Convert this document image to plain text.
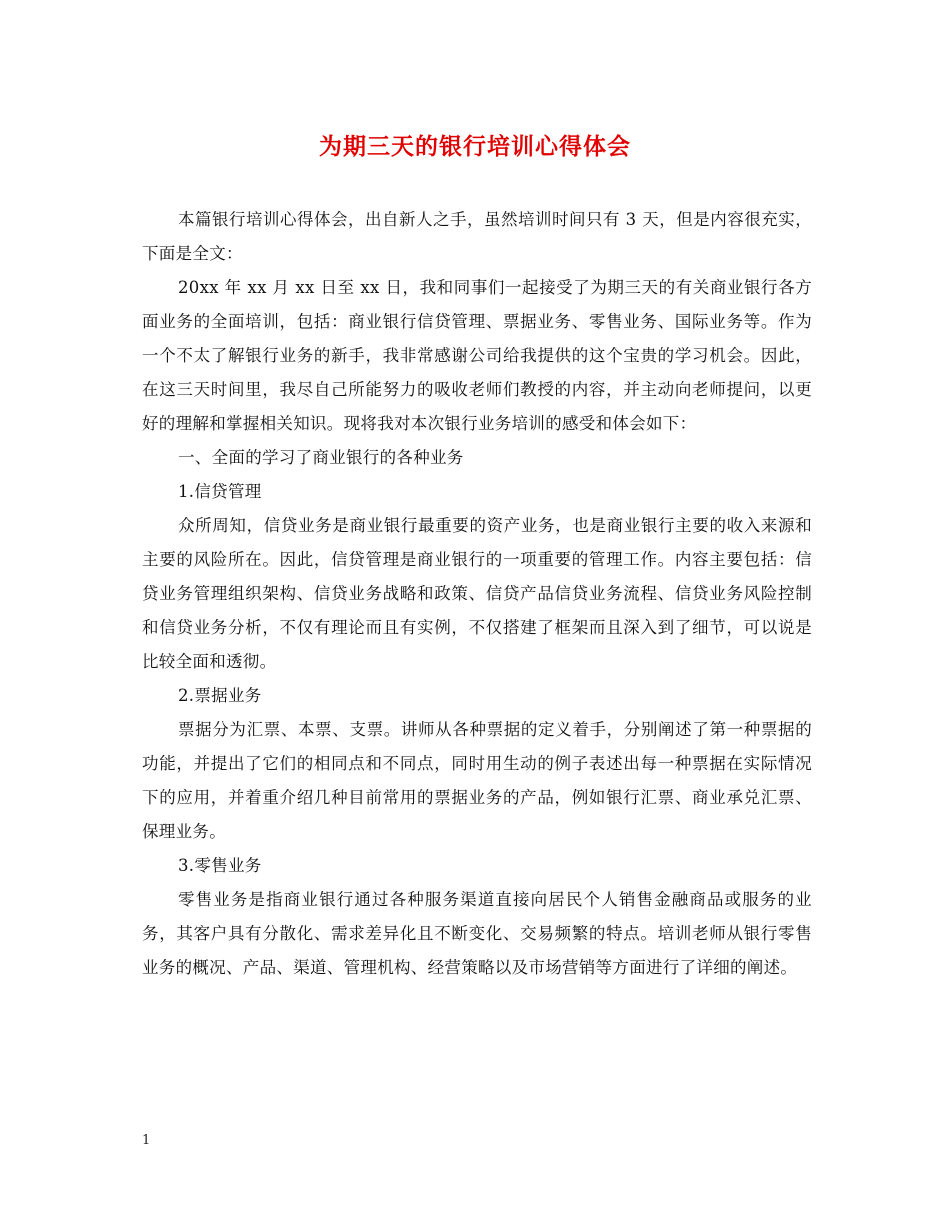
为期三天的银行培训心得体会

本篇银行培训心得体会，出自新人之手，虽然培训时间只有 3 天，但是内容很充实，下面是全文：

20xx 年 xx 月 xx 日至 xx 日，我和同事们一起接受了为期三天的有关商业银行各方面业务的全面培训，包括：商业银行信贷管理、票据业务、零售业务、国际业务等。作为一个不太了解银行业务的新手，我非常感谢公司给我提供的这个宝贵的学习机会。因此，在这三天时间里，我尽自己所能努力的吸收老师们教授的内容，并主动向老师提问，以更好的理解和掌握相关知识。现将我对本次银行业务培训的感受和体会如下：

一、全面的学习了商业银行的各种业务

1.信贷管理

众所周知，信贷业务是商业银行最重要的资产业务，也是商业银行主要的收入来源和主要的风险所在。因此，信贷管理是商业银行的一项重要的管理工作。内容主要包括：信贷业务管理组织架构、信贷业务战略和政策、信贷产品信贷业务流程、信贷业务风险控制和信贷业务分析，不仅有理论而且有实例，不仅搭建了框架而且深入到了细节，可以说是比较全面和透彻。

2.票据业务

票据分为汇票、本票、支票。讲师从各种票据的定义着手，分别阐述了第一种票据的功能，并提出了它们的相同点和不同点，同时用生动的例子表述出每一种票据在实际情况下的应用，并着重介绍几种目前常用的票据业务的产品，例如银行汇票、商业承兑汇票、保理业务。

3.零售业务

零售业务是指商业银行通过各种服务渠道直接向居民个人销售金融商品或服务的业务，其客户具有分散化、需求差异化且不断变化、交易频繁的特点。培训老师从银行零售业务的概况、产品、渠道、管理机构、经营策略以及市场营销等方面进行了详细的阐述。

1
